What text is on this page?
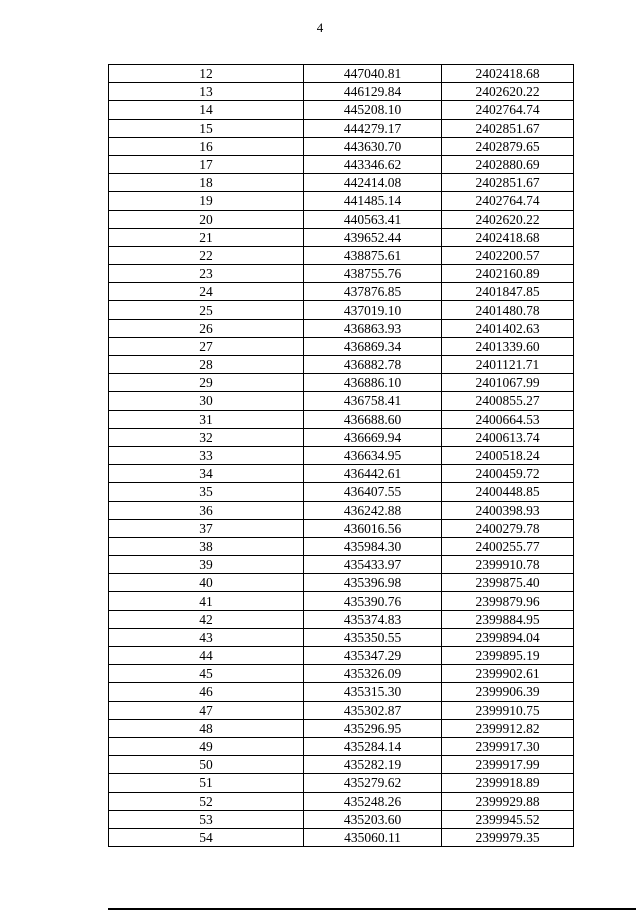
4
12	447040.81	2402418.68
13	446129.84	2402620.22
14	445208.10	2402764.74
15	444279.17	2402851.67
16	443630.70	2402879.65
17	443346.62	2402880.69
18	442414.08	2402851.67
19	441485.14	2402764.74
20	440563.41	2402620.22
21	439652.44	2402418.68
22	438875.61	2402200.57
23	438755.76	2402160.89
24	437876.85	2401847.85
25	437019.10	2401480.78
26	436863.93	2401402.63
27	436869.34	2401339.60
28	436882.78	2401121.71
29	436886.10	2401067.99
30	436758.41	2400855.27
31	436688.60	2400664.53
32	436669.94	2400613.74
33	436634.95	2400518.24
34	436442.61	2400459.72
35	436407.55	2400448.85
36	436242.88	2400398.93
37	436016.56	2400279.78
38	435984.30	2400255.77
39	435433.97	2399910.78
40	435396.98	2399875.40
41	435390.76	2399879.96
42	435374.83	2399884.95
43	435350.55	2399894.04
44	435347.29	2399895.19
45	435326.09	2399902.61
46	435315.30	2399906.39
47	435302.87	2399910.75
48	435296.95	2399912.82
49	435284.14	2399917.30
50	435282.19	2399917.99
51	435279.62	2399918.89
52	435248.26	2399929.88
53	435203.60	2399945.52
54	435060.11	2399979.35
